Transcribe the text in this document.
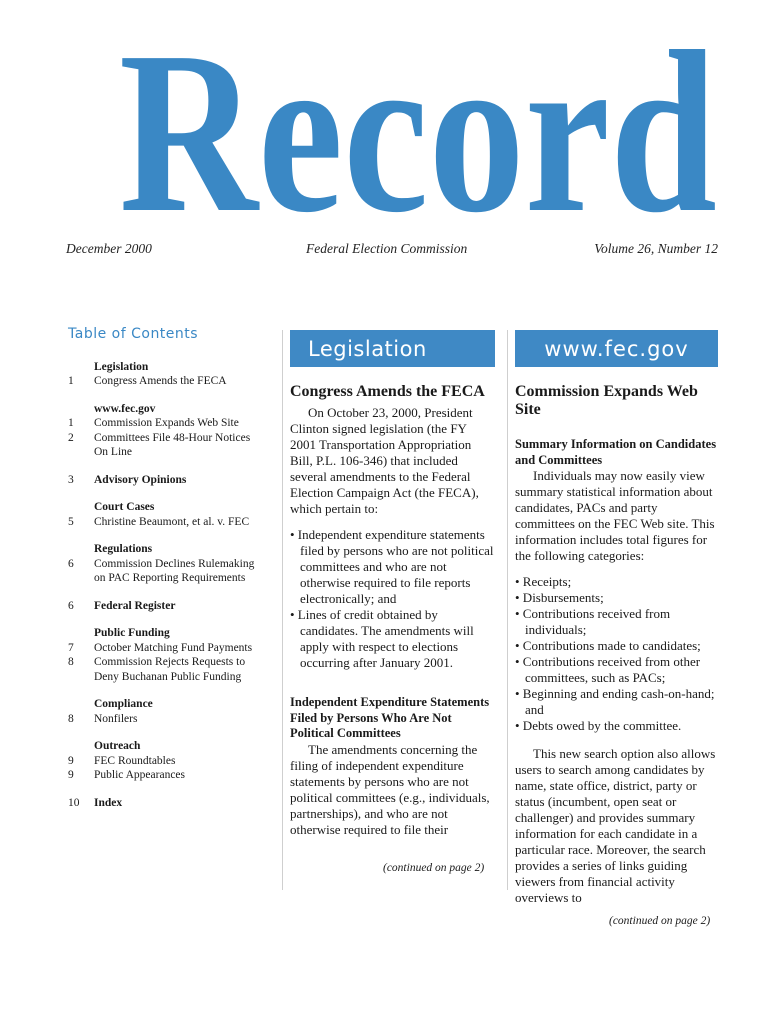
Record
December 2000	Federal Election Commission	Volume 26, Number 12
Table of Contents
Legislation
1	Congress Amends the FECA
www.fec.gov
1	Commission Expands Web Site
2	Committees File 48-Hour Notices
On Line
3	Advisory Opinions
Court Cases
5	Christine Beaumont, et al. v. FEC
Regulations
6	Commission Declines Rulemaking
on PAC Reporting Requirements
6	Federal Register
Public Funding
7	October Matching Fund Payments
8	Commission Rejects Requests to
Deny Buchanan Public Funding
Compliance
8	Nonfilers
Outreach
9	FEC Roundtables
9	Public Appearances
10	Index
Legislation
Congress Amends the FECA
On October 23, 2000, President Clinton signed legislation (the FY 2001 Transportation Appropriation Bill, P.L. 106-346) that included several amendments to the Federal Election Campaign Act (the FECA), which pertain to:
• Independent expenditure statements filed by persons who are not political committees and who are not otherwise required to file reports electronically; and
• Lines of credit obtained by candidates. The amendments will apply with respect to elections occurring after January 2001.
Independent Expenditure Statements Filed by Persons Who Are Not Political Committees
The amendments concerning the filing of independent expenditure statements by persons who are not political committees (e.g., individuals, partnerships), and who are not otherwise required to file their
(continued on page 2)
www.fec.gov
Commission Expands Web Site
Summary Information on Candidates and Committees
Individuals may now easily view summary statistical information about candidates, PACs and party committees on the FEC Web site. This information includes total figures for the following categories:
• Receipts;
• Disbursements;
• Contributions received from individuals;
• Contributions made to candidates;
• Contributions received from other committees, such as PACs;
• Beginning and ending cash-on-hand; and
• Debts owed by the committee.
This new search option also allows users to search among candidates by name, state office, district, party or status (incumbent, open seat or challenger) and provides summary information for each candidate in a particular race. Moreover, the search provides a series of links guiding viewers from financial activity overviews to
(continued on page 2)
